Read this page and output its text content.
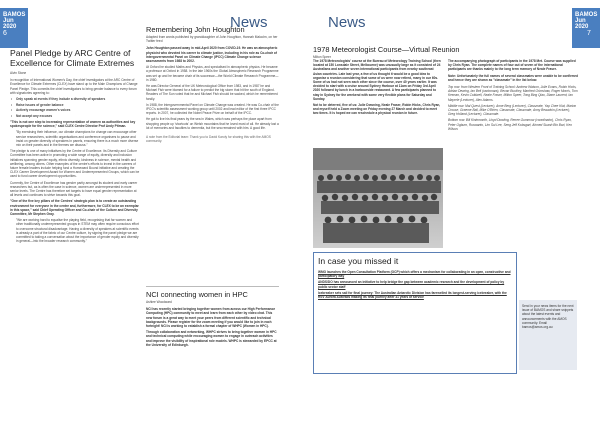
BAMOS
Jun 2020
6
News
Panel Pledge by ARC Centre of Excellence for Climate Extremes
Alvin Stone

In recognition of International Women's Day, the chief investigators at the ARC Centre of Excellence for Climate Extremes (CLEX) have stand up to the Male Champions of Change Panel Pledge. This commits the chief investigators to bring gender balance to every forum with signatories agreeing to:

• Only speak at events if they include a diversity of speakers
• Raise issues of gender balance
• Actively encourage women's voices
• Not accept any excuses

"This is not one step to increasing representation of women as authorities and key spokespeople for the science," said CLEX Centre Director Prof Andy Pitman.

"By exercising their influence, our climate champions for change can encourage other service researchers, scientific organisations and conference organisers to pause and insist on greater diversity of speakers in panels, ensuring there is a much more diverse mix on their panels and in the themes we discuss."

The pledge is one of many initiatives by the Centre of Excellence. Its Diversity and Culture Committee has been active in promoting a wide range of equity, diversity and inclusion initiatives spanning gender equity, ethnic diversity, kindness in science, mental health and wellbeing, among others. Other examples of the centre's efforts to invest in the careers of future female leaders include helping fund a Homeward Bound initiative and creating the CLEX Career Development Award for Women and Underrepresented Groups, which can be used to fund career development opportunities.

Currently, the Centre of Excellence has gender parity amongst its student and early career researchers but, as is often the case in science, women are underrepresented in more senior levels. The Centre has therefore set targets to have equal gender representation at all levels and continues to strive towards this goal.

"One of the five key pillars of the Centres' strategic plan is to create an outstanding environment for everyone in the centre and, furthermore, for CLEX to be an exemplar in this space," said Chief Operating Officer and Co-chair of the Culture and Diversity Committee, Mr Stephen Gray.

"We are working hard to equalise the playing field, recognising that far women and other traditionally underrepresented groups in STEM may often require conscious effort to overcome structural disadvantage. Having a diversity of speakers at scientific events is already a part of the fabric of our Centre culture, by signing the panel pledge we are committed to taking a conversation about the importance of gender equity and diversity in general—into the broader research community."

Remembering John Houghton
Adapted from words published by granddaughter of John Houghton, Hannah Malcolm, on her Twitter feed

John Houghton passed away in mid-April 2020 from COVID-19. He was an atmospheric physicist who devoted his career to climate justice, including in his role as Co-chair of Intergovernmental Panel on Climate Change (IPCC) Climate Change science assessments from 1988 to 2002.

At Oxford he studied Maths and Physics, and specialised in atmospheric physics. He became a professor at Oxford in 1958. In the late 1960s the Global Atmospheric Research Programme was set up and he became chair of its successor—the World Climate Research Programme—in 1980.

He was Director General of the UK Meteorological Office from 1983, and in 1987 he and Michael Fish were blamed for a failure to predict the big storm that hit the south of England. Readers of The Sun voted that he and Michael Fish should be sacked, which he remembered fondly.

In 1988, the Intergovernmental Panel on Climate Change was created. He was Co-chair of the IPCC's scientific assessment working group until 2002 and lead editor of the first three IPCC reports. In 2007, he collected the Nobel Peace Prize on behalf of the IPCC.

He got to live his final years by the sea in Wales, which was perhaps the place apart from shopping people up 'shortcuts' on Welsh mountains that he loved most of all. He already lost a lot of memories and faculties to dementia, but the sea remained with him. A good life.

A note from the Editorial team: Thank you to David Karoly for sharing this with the AMOS community.
NCI connecting women in HPC
Ashlee Woodward

NCI has recently started bringing together women from across our High Performance Computing (HPC) community to meet and learn from each other by video chat. This new forum is a great way to meet your peers from different scientific and technical backgrounds. Please register for the zoom meeting if you would like to join in each fortnight! NCI is working to establish a formal chapter of WHPC (Women in HPC).

Through collaboration and networking, WHPC strives to bring together women in HPC and technical computing while encouraging women to engage in outreach activities and improve the visibility of inspirational role models. WHPC is stewarded by EPCC at the University of Edinburgh.

BAMOS
Jun 2020
7
News
1978 Meteorologist Course—Virtual Reunion
Milton Speer

The 1978 Meteorologists' course at the Bureau of Meteorology Training School (then located at 150 Lonsdale Street, Melbourne) was unusually large as it consisted of 24 Australians and another seven international participants from nearby southeast Asian countries. Late last year, a few of us thought it would be a good idea to organise a reunion considering that some of us were now retired, many in our 60s. Some of us had not seen each other since the course, over 40 years earlier. It was decided to start with a cruise around Sydney Harbour at 11am on Friday 3rd April 2020 followed by lunch in a harbourside restaurant. A few participants planned to stay in Sydney for the weekend with some very flexible plans for Saturday and Sunday.

Not to be deterred, five of us: Julie Downing, Neale Fraser, Robin Hicks, Chris Ryan, and myself held a Zoom meeting on Friday evening 27 March and decided to meet two times. It is hoped we can reschedule a physical reunion in future.

The accompanying photograph of participants in the 1978 Met. Course was supplied by Chris Ryan. The complete names of four out of seven of the international participants are thanks mainly to the long term memory of Neale Fraser.

Note: Unfortunately the full names of several classmates were unable to be confirmed and hence they are shown as "classmate" in the list below.

Top row: from Western Front of Training School: Andrew Watson, Julie Evans, Robin Hicks, Adrian Dewing, Ian Bell (carbonara), Bevan Buckley, Manfred Grimshaw, Roger Morris, Tom Keenan, Kevin Coldwell, Neale Fraser, Milton Speer, Tong Bing Qiao, Diane Laurent, Ian Mayerle (Lecturer), Alex Adams.

Middle row: Mal Quest (Lecturer), Anne Berg (Lecturer), Classmate, Yap Chee Kiat, Marion Crouse, Graeme Ball, Mike O'Brien, Classmate, Classmate, Anny Beaudoin (Lecturer), Greg Holland (Lecturer), Classmate.

Bottom row: Bill Kininmonth, Lloyd Dowling, Renee Gummow (coordinator), Chris Ryan, Peter Ogburn, Ruswanto, Lim Sui Lee, Seng Jeff Kobsgart, Ahmed Suanh Bin Bari, Ken Wilson.

In case you missed it

WMO launches the Open Consultation Platform (OCP) which offers a mechanism for collaborating in an open, constructive and participatory way

ANDS/DO has announced an initiative to help bridge the gap between academic research and the development of policy by public sector staff

Icebreaker sets sail for final journey: The Australian Antarctic Division has farewelled its longest-serving icebreaker, with the RSV Aurora Australis making its final journey after 31 years of service

Send in your news items for the next issue of BAMOS and share snippets about the latest events and announcements with the AMOS community. Email bamos@amos.org.au
